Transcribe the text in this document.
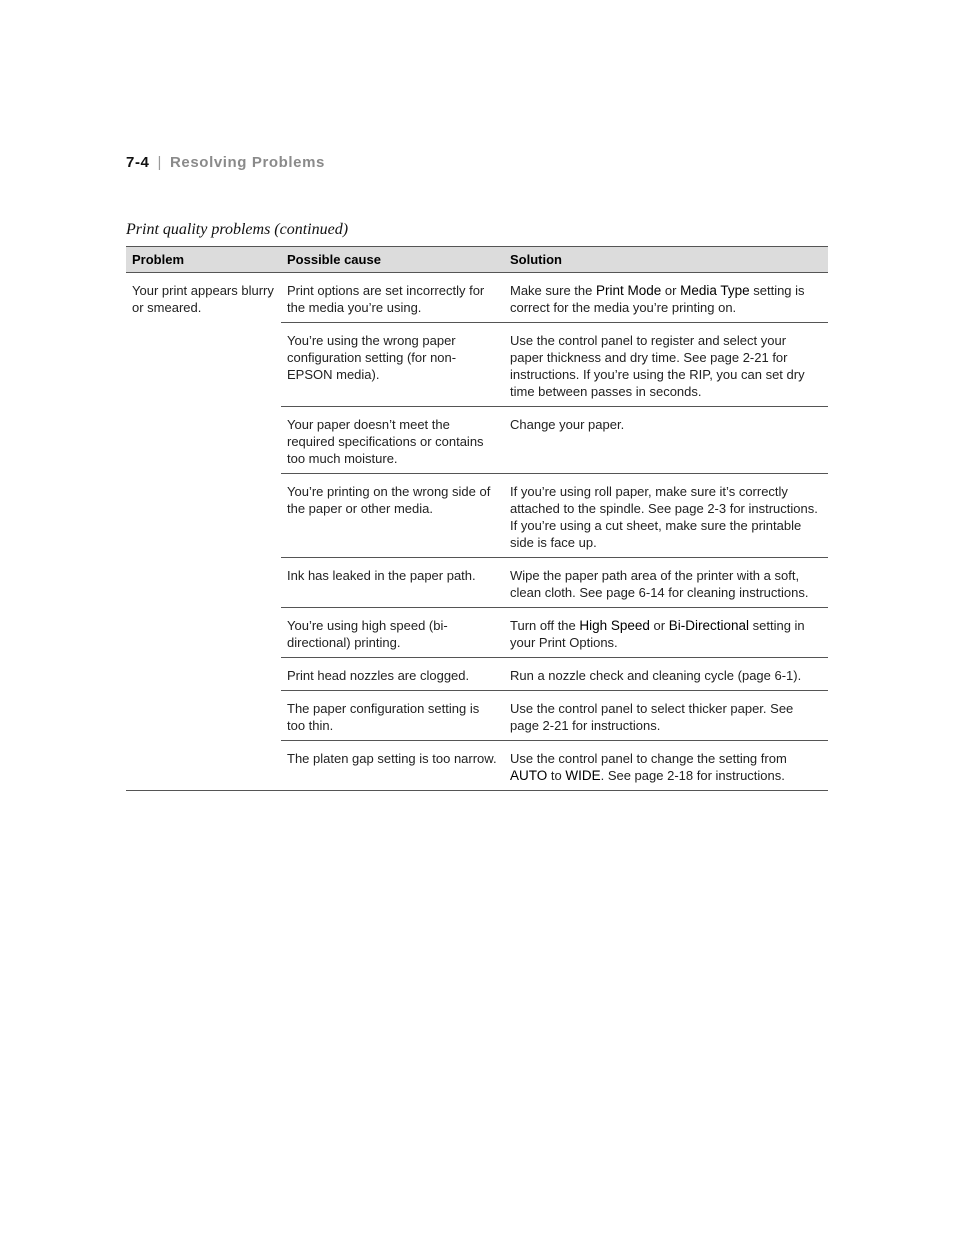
7-4 | Resolving Problems
Print quality problems (continued)
Problem	Possible cause	Solution
Your print appears blurry or smeared.	Print options are set incorrectly for the media you’re using.	Make sure the Print Mode or Media Type setting is correct for the media you’re printing on.
	You’re using the wrong paper configuration setting (for non-EPSON media).	Use the control panel to register and select your paper thickness and dry time. See page 2-21 for instructions. If you’re using the RIP, you can set dry time between passes in seconds.
	Your paper doesn’t meet the required specifications or contains too much moisture.	Change your paper.
	You’re printing on the wrong side of the paper or other media.	If you’re using roll paper, make sure it’s correctly attached to the spindle. See page 2-3 for instructions. If you’re using a cut sheet, make sure the printable side is face up.
	Ink has leaked in the paper path.	Wipe the paper path area of the printer with a soft, clean cloth. See page 6-14 for cleaning instructions.
	You’re using high speed (bi-directional) printing.	Turn off the High Speed or Bi-Directional setting in your Print Options.
	Print head nozzles are clogged.	Run a nozzle check and cleaning cycle (page 6-1).
	The paper configuration setting is too thin.	Use the control panel to select thicker paper. See page 2-21 for instructions.
	The platen gap setting is too narrow.	Use the control panel to change the setting from AUTO to WIDE. See page 2-18 for instructions.
